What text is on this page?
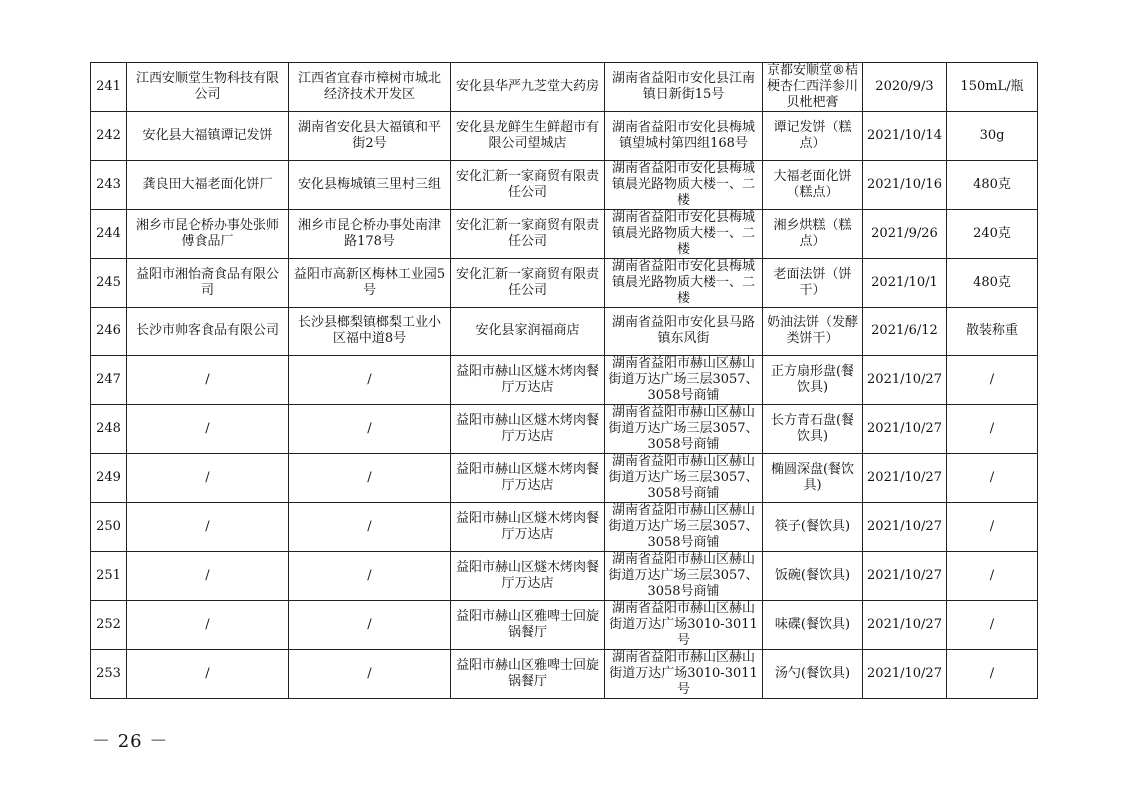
241	江西安顺堂生物科技有限公司	江西省宜春市樟树市城北经济技术开发区	安化县华严九芝堂大药房	湖南省益阳市安化县江南镇日新街15号	京都安顺堂®桔梗杏仁西洋参川贝枇杷膏	2020/9/3	150mL/瓶
242	安化县大福镇谭记发饼	湖南省安化县大福镇和平街2号	安化县龙鲜生生鲜超市有限公司望城店	湖南省益阳市安化县梅城镇望城村第四组168号	谭记发饼（糕点）	2021/10/14	30g
243	龚良田大福老面化饼厂	安化县梅城镇三里村三组	安化汇新一家商贸有限责任公司	湖南省益阳市安化县梅城镇晨光路物质大楼一、二楼	大福老面化饼（糕点）	2021/10/16	480克
244	湘乡市昆仑桥办事处张师傅食品厂	湘乡市昆仑桥办事处南津路178号	安化汇新一家商贸有限责任公司	湖南省益阳市安化县梅城镇晨光路物质大楼一、二楼	湘乡烘糕（糕点）	2021/9/26	240克
245	益阳市湘怡斋食品有限公司	益阳市高新区梅林工业园5号	安化汇新一家商贸有限责任公司	湖南省益阳市安化县梅城镇晨光路物质大楼一、二楼	老面法饼（饼干）	2021/10/1	480克
246	长沙市帅客食品有限公司	长沙县榔梨镇榔梨工业小区福中道8号	安化县家润福商店	湖南省益阳市安化县马路镇东风街	奶油法饼（发酵类饼干）	2021/6/12	散装称重
247	/	/	益阳市赫山区燧木烤肉餐厅万达店	湖南省益阳市赫山区赫山街道万达广场三层3057、3058号商铺	正方扇形盘(餐饮具)	2021/10/27	/
248	/	/	益阳市赫山区燧木烤肉餐厅万达店	湖南省益阳市赫山区赫山街道万达广场三层3057、3058号商铺	长方青石盘(餐饮具)	2021/10/27	/
249	/	/	益阳市赫山区燧木烤肉餐厅万达店	湖南省益阳市赫山区赫山街道万达广场三层3057、3058号商铺	椭圆深盘(餐饮具)	2021/10/27	/
250	/	/	益阳市赫山区燧木烤肉餐厅万达店	湖南省益阳市赫山区赫山街道万达广场三层3057、3058号商铺	筷子(餐饮具)	2021/10/27	/
251	/	/	益阳市赫山区燧木烤肉餐厅万达店	湖南省益阳市赫山区赫山街道万达广场三层3057、3058号商铺	饭碗(餐饮具)	2021/10/27	/
252	/	/	益阳市赫山区雅啤士回旋锅餐厅	湖南省益阳市赫山区赫山街道万达广场3010-3011号	味碟(餐饮具)	2021/10/27	/
253	/	/	益阳市赫山区雅啤士回旋锅餐厅	湖南省益阳市赫山区赫山街道万达广场3010-3011号	汤勺(餐饮具)	2021/10/27	/
－ 26 －
